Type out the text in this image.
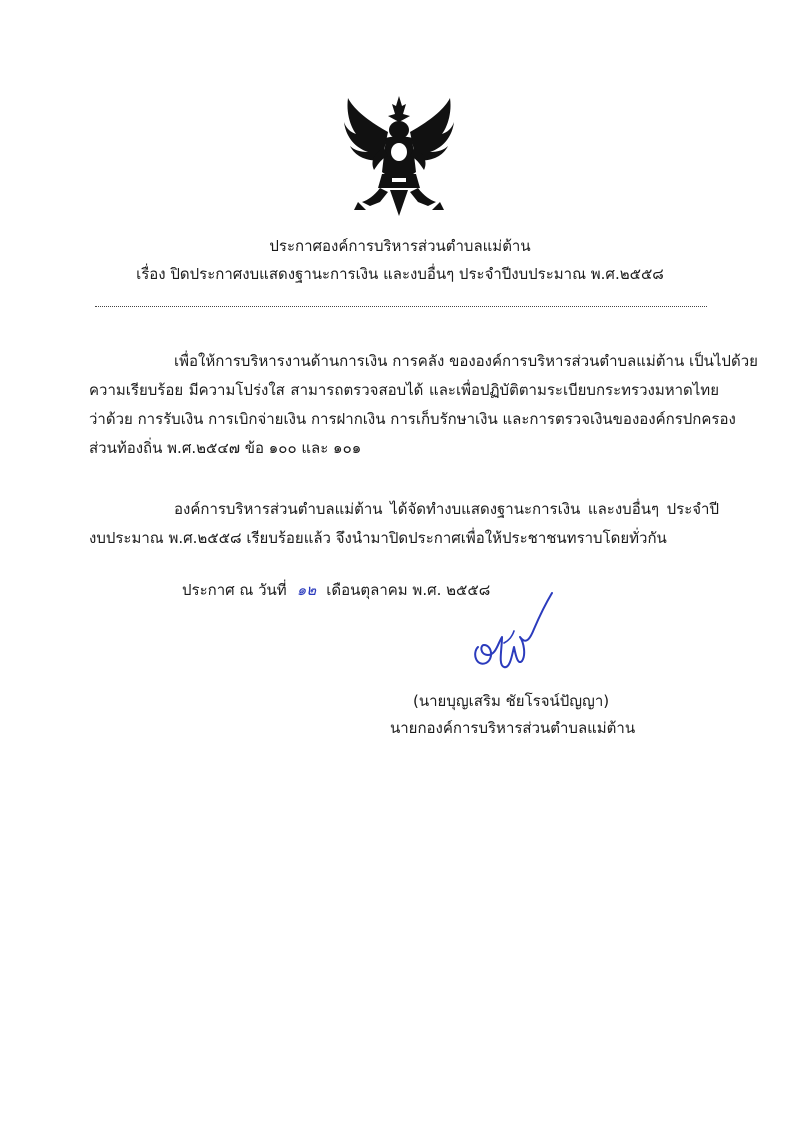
ประกาศองค์การบริหารส่วนตำบลแม่ต้าน
เรื่อง ปิดประกาศงบแสดงฐานะการเงิน และงบอื่นๆ ประจำปีงบประมาณ พ.ศ.๒๕๕๘
เพื่อให้การบริหารงานด้านการเงิน การคลัง ขององค์การบริหารส่วนตำบลแม่ต้าน เป็นไปด้วย
ความเรียบร้อย มีความโปร่งใส สามารถตรวจสอบได้ และเพื่อปฏิบัติตามระเบียบกระทรวงมหาดไทย
ว่าด้วย การรับเงิน การเบิกจ่ายเงิน การฝากเงิน การเก็บรักษาเงิน และการตรวจเงินขององค์กรปกครอง
ส่วนท้องถิ่น พ.ศ.๒๕๔๗ ข้อ ๑๐๐ และ ๑๐๑
องค์การบริหารส่วนตำบลแม่ต้าน ได้จัดทำงบแสดงฐานะการเงิน และงบอื่นๆ ประจำปี
งบประมาณ พ.ศ.๒๕๕๘ เรียบร้อยแล้ว จึงนำมาปิดประกาศเพื่อให้ประชาชนทราบโดยทั่วกัน
ประกาศ ณ วันที่ ๑๒ เดือนตุลาคม พ.ศ. ๒๕๕๘
(นายบุญเสริม ชัยโรจน์ปัญญา)
นายกองค์การบริหารส่วนตำบลแม่ต้าน
